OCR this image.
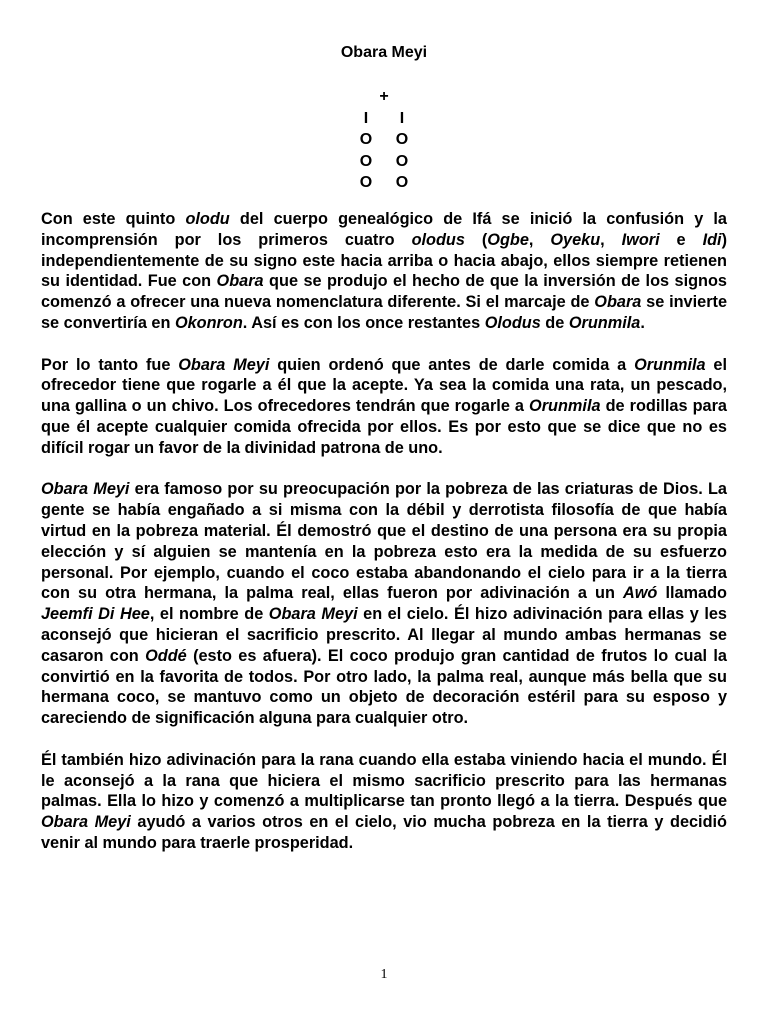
Obara Meyi
+
I	I
O O
O O
O O

Con este quinto olodu del cuerpo genealógico de Ifá se inició la confusión y la incomprensión por los primeros cuatro olodus (Ogbe, Oyeku, Iwori e Idi) independientemente de su signo este hacia arriba o hacia abajo, ellos siempre retienen su identidad. Fue con Obara que se produjo el hecho de que la inversión de los signos comenzó a ofrecer una nueva nomenclatura diferente. Si el marcaje de Obara se invierte se convertiría en Okonron. Así es con los once restantes Olodus de Orunmila.

Por lo tanto fue Obara Meyi quien ordenó que antes de darle comida a Orunmila el ofrecedor tiene que rogarle a él que la acepte. Ya sea la comida una rata, un pescado, una gallina o un chivo. Los ofrecedores tendrán que rogarle a Orunmila de rodillas para que él acepte cualquier comida ofrecida por ellos. Es por esto que se dice que no es difícil rogar un favor de la divinidad patrona de uno.

Obara Meyi era famoso por su preocupación por la pobreza de las criaturas de Dios. La gente se había engañado a si misma con la débil y derrotista filosofía de que había virtud en la pobreza material. Él demostró que el destino de una persona era su propia elección y sí alguien se mantenía en la pobreza esto era la medida de su esfuerzo personal. Por ejemplo, cuando el coco estaba abandonando el cielo para ir a la tierra con su otra hermana, la palma real, ellas fueron por adivinación a un Awó llamado Jeemfi Di Hee, el nombre de Obara Meyi en el cielo. Él hizo adivinación para ellas y les aconsejó que hicieran el sacrificio prescrito. Al llegar al mundo ambas hermanas se casaron con Oddé (esto es afuera). El coco produjo gran cantidad de frutos lo cual la convirtió en la favorita de todos. Por otro lado, la palma real, aunque más bella que su hermana coco, se mantuvo como un objeto de decoración estéril para su esposo y careciendo de significación alguna para cualquier otro.

Él también hizo adivinación para la rana cuando ella estaba viniendo hacia el mundo. Él le aconsejó a la rana que hiciera el mismo sacrificio prescrito para las hermanas palmas. Ella lo hizo y comenzó a multiplicarse tan pronto llegó a la tierra. Después que Obara Meyi ayudó a varios otros en el cielo, vio mucha pobreza en la tierra y decidió venir al mundo para traerle prosperidad.

1
